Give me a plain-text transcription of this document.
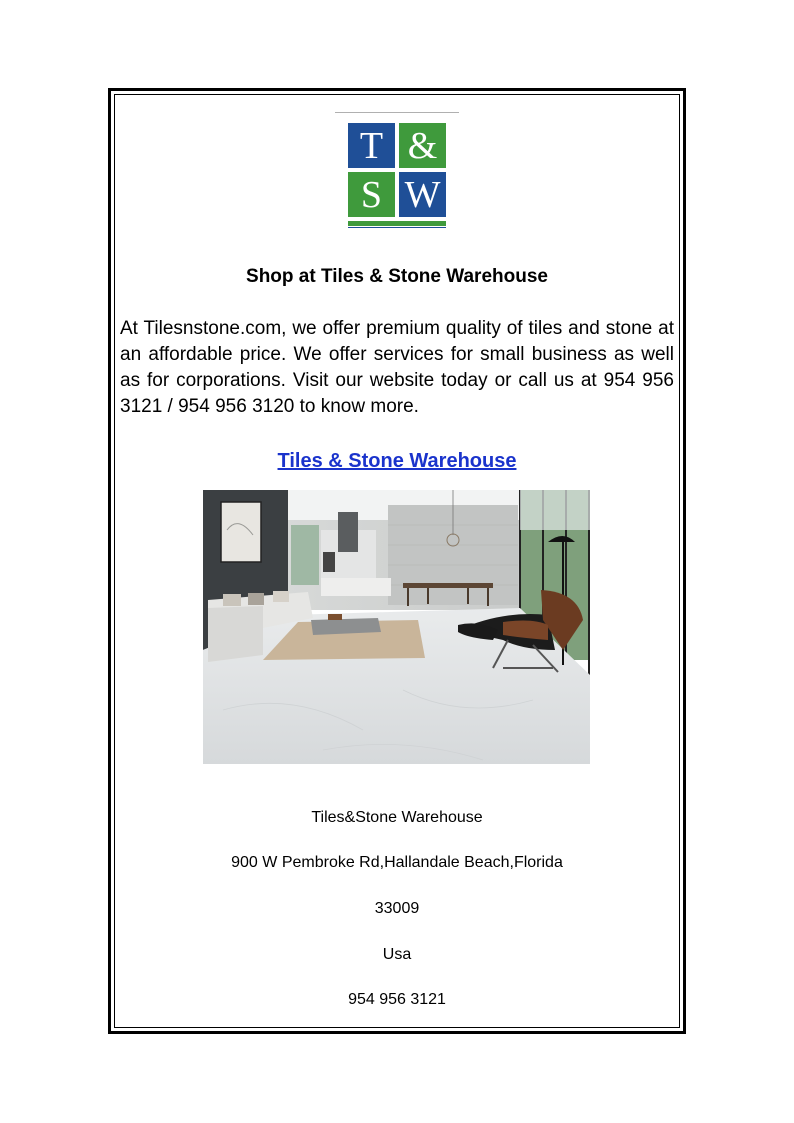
T &
S W
Shop at Tiles & Stone Warehouse
At Tilesnstone.com, we offer premium quality of tiles and stone at an affordable price. We offer services for small business as well as for corporations. Visit our website today or call us at 954 956 3121 / 954 956 3120 to know more.
Tiles & Stone Warehouse
Tiles&Stone Warehouse
900 W Pembroke Rd,Hallandale Beach,Florida
33009
Usa
954 956 3121
